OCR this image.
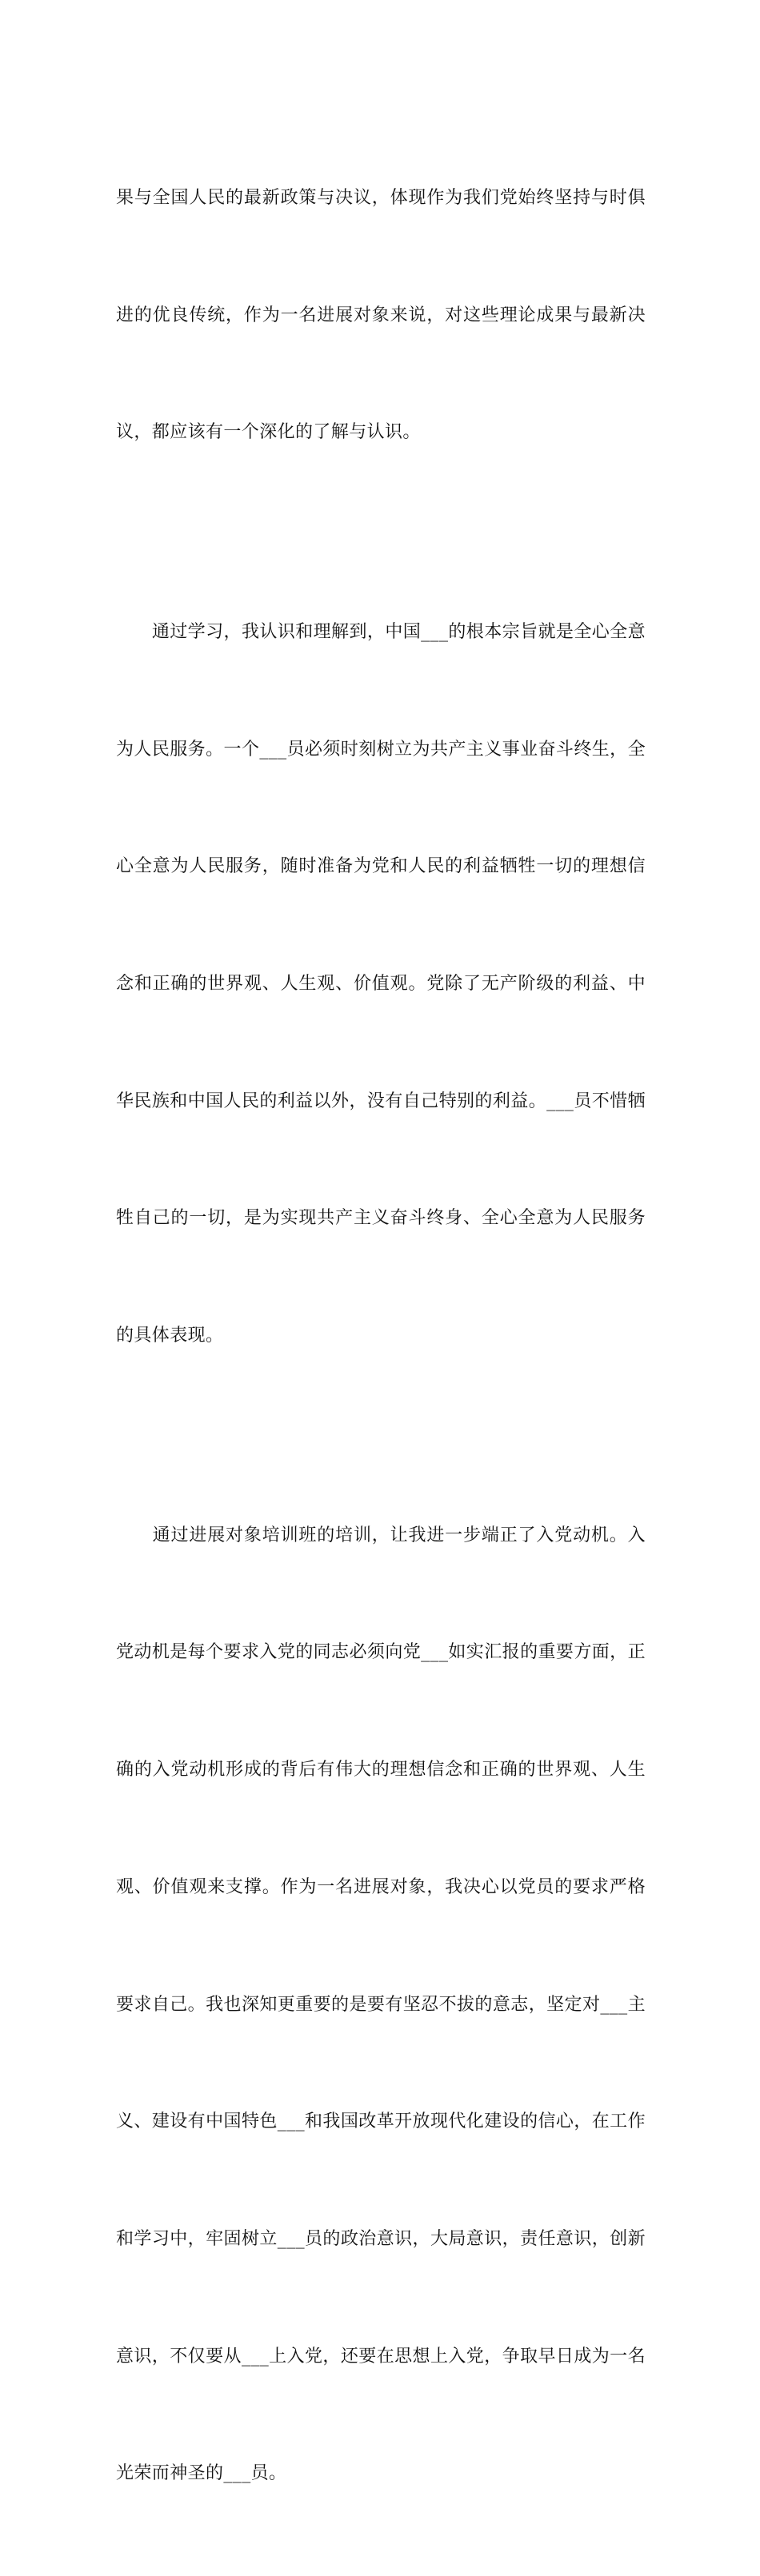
果与全国人民的最新政策与决议，体现作为我们党始终坚持与时俱

进的优良传统，作为一名进展对象来说，对这些理论成果与最新决

议，都应该有一个深化的了解与认识。

　　通过学习，我认识和理解到，中国___的根本宗旨就是全心全意

为人民服务。一个___员必须时刻树立为共产主义事业奋斗终生，全

心全意为人民服务，随时准备为党和人民的利益牺牲一切的理想信

念和正确的世界观、人生观、价值观。党除了无产阶级的利益、中

华民族和中国人民的利益以外，没有自己特别的利益。___员不惜牺

牲自己的一切，是为实现共产主义奋斗终身、全心全意为人民服务

的具体表现。

　　通过进展对象培训班的培训，让我进一步端正了入党动机。入

党动机是每个要求入党的同志必须向党___如实汇报的重要方面，正

确的入党动机形成的背后有伟大的理想信念和正确的世界观、人生

观、价值观来支撑。作为一名进展对象，我决心以党员的要求严格

要求自己。我也深知更重要的是要有坚忍不拔的意志，坚定对___主

义、建设有中国特色___和我国改革开放现代化建设的信心，在工作

和学习中，牢固树立___员的政治意识，大局意识，责任意识，创新

意识，不仅要从___上入党，还要在思想上入党，争取早日成为一名

光荣而神圣的___员。
